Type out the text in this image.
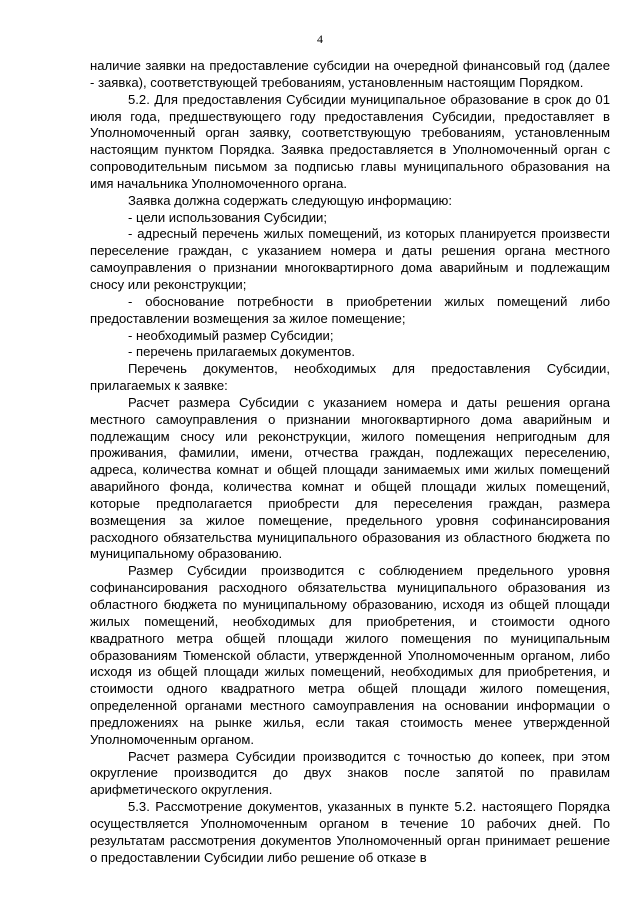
4

наличие заявки на предоставление субсидии на очередной финансовый год (далее - заявка), соответствующей требованиям, установленным настоящим Порядком.

5.2. Для предоставления Субсидии муниципальное образование в срок до 01 июля года, предшествующего году предоставления Субсидии, предоставляет в Уполномоченный орган заявку, соответствующую требованиям, установленным настоящим пунктом Порядка. Заявка предоставляется в Уполномоченный орган с сопроводительным письмом за подписью главы муниципального образования на имя начальника Уполномоченного органа.

Заявка должна содержать следующую информацию:

- цели использования Субсидии;

- адресный перечень жилых помещений, из которых планируется произвести переселение граждан, с указанием номера и даты решения органа местного самоуправления о признании многоквартирного дома аварийным и подлежащим сносу или реконструкции;

- обоснование потребности в приобретении жилых помещений либо предоставлении возмещения за жилое помещение;

- необходимый размер Субсидии;

- перечень прилагаемых документов.

Перечень документов, необходимых для предоставления Субсидии, прилагаемых к заявке:

Расчет размера Субсидии с указанием номера и даты решения органа местного самоуправления о признании многоквартирного дома аварийным и подлежащим сносу или реконструкции, жилого помещения непригодным для проживания, фамилии, имени, отчества граждан, подлежащих переселению, адреса, количества комнат и общей площади занимаемых ими жилых помещений аварийного фонда, количества комнат и общей площади жилых помещений, которые предполагается приобрести для переселения граждан, размера возмещения за жилое помещение, предельного уровня софинансирования расходного обязательства муниципального образования из областного бюджета по муниципальному образованию.

Размер Субсидии производится с соблюдением предельного уровня софинансирования расходного обязательства муниципального образования из областного бюджета по муниципальному образованию, исходя из общей площади жилых помещений, необходимых для приобретения, и стоимости одного квадратного метра общей площади жилого помещения по муниципальным образованиям Тюменской области, утвержденной Уполномоченным органом, либо исходя из общей площади жилых помещений, необходимых для приобретения, и стоимости одного квадратного метра общей площади жилого помещения, определенной органами местного самоуправления на основании информации о предложениях на рынке жилья, если такая стоимость менее утвержденной Уполномоченным органом.

Расчет размера Субсидии производится с точностью до копеек, при этом округление производится до двух знаков после запятой по правилам арифметического округления.

5.3. Рассмотрение документов, указанных в пункте 5.2. настоящего Порядка осуществляется Уполномоченным органом в течение 10 рабочих дней. По результатам рассмотрения документов Уполномоченный орган принимает решение о предоставлении Субсидии либо решение об отказе в
